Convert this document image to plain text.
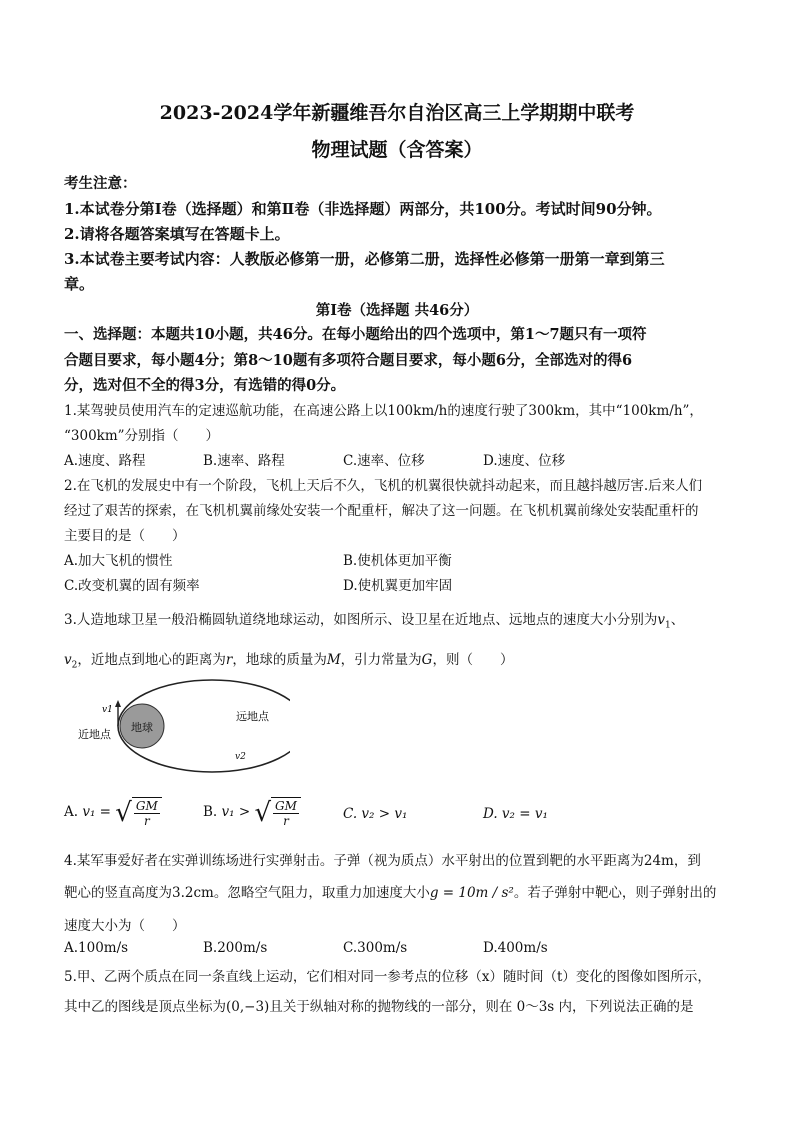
2023-2024学年新疆维吾尔自治区高三上学期期中联考
物理试题（含答案）
考生注意：
1.本试卷分第Ⅰ卷（选择题）和第Ⅱ卷（非选择题）两部分，共100分。考试时间90分钟。
2.请将各题答案填写在答题卡上。
3.本试卷主要考试内容：人教版必修第一册，必修第二册，选择性必修第一册第一章到第三
章。
第Ⅰ卷（选择题 共46分）
一、选择题：本题共10小题，共46分。在每小题给出的四个选项中，第1～7题只有一项符
合题目要求，每小题4分；第8～10题有多项符合题目要求，每小题6分，全部选对的得6
分，选对但不全的得3分，有选错的得0分。
1.某驾驶员使用汽车的定速巡航功能，在高速公路上以100km/h的速度行驶了300km，其中“100km/h”，
“300km”分别指（　　）
A.速度、路程	B.速率、路程	C.速率、位移	D.速度、位移
2.在飞机的发展史中有一个阶段，飞机上天后不久，飞机的机翼很快就抖动起来，而且越抖越厉害.后来人们
经过了艰苦的探索，在飞机机翼前缘处安装一个配重杆，解决了这一问题。在飞机机翼前缘处安装配重杆的
主要目的是（　　）
A.加大飞机的惯性	B.使机体更加平衡
C.改变机翼的固有频率	D.使机翼更加牢固
3.人造地球卫星一般沿椭圆轨道绕地球运动，如图所示、设卫星在近地点、远地点的速度大小分别为$v_1$、
$v_2$，近地点到地心的距离为r，地球的质量为M，引力常量为G，则（　　）
地球
v1
近地点
远地点
v2
A. v₁ = √ $\frac{GM}{r}$	B. v₁ > √ $\frac{GM}{r}$	C. v₂ > v₁	D. v₂ = v₁
4.某军事爱好者在实弹训练场进行实弹射击。子弹（视为质点）水平射出的位置到靶的水平距离为24m，到
靶心的竖直高度为3.2cm。忽略空气阻力，取重力加速度大小g = 10m / s²。若子弹射中靶心，则子弹射出的
速度大小为（　　）
A.100m/s	B.200m/s	C.300m/s	D.400m/s
5.甲、乙两个质点在同一条直线上运动，它们相对同一参考点的位移（x）随时间（t）变化的图像如图所示，
其中乙的图线是顶点坐标为(0,−3)且关于纵轴对称的抛物线的一部分，则在 0～3s 内，下列说法正确的是
